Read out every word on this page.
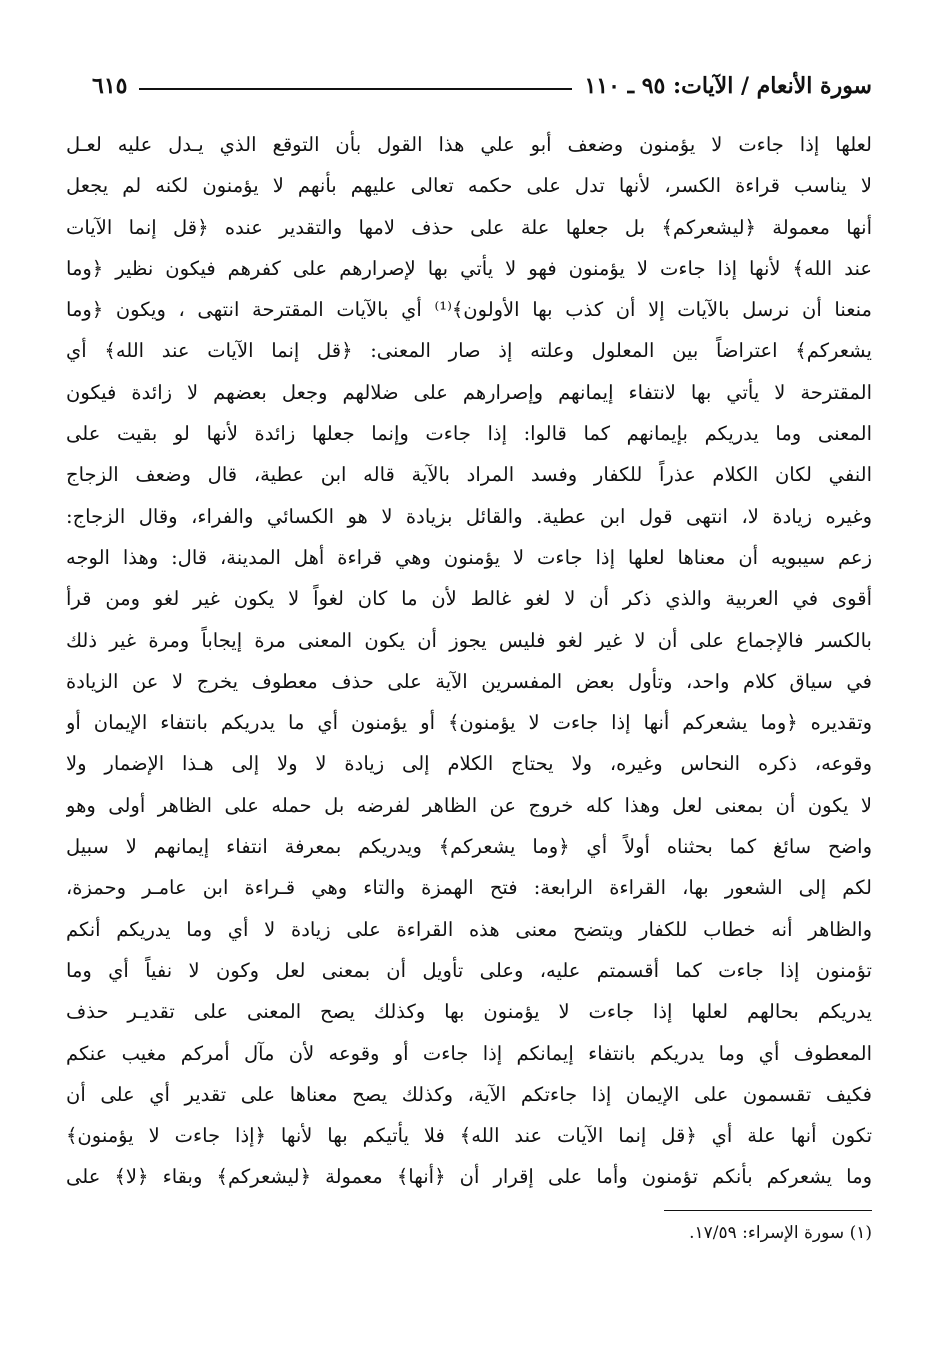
سورة الأنعام / الآيات: ٩٥ ـ ١١٠
٦١٥
لعلها إذا جاءت لا يؤمنون وضعف أبو علي هذا القول بأن التوقع الذي يـدل عليه لعـل
لا يناسب قراءة الكسر، لأنها تدل على حكمه تعالى عليهم بأنهم لا يؤمنون لكنه لم يجعل
أنها معمولة ﴿ليشعركم﴾ بل جعلها علة على حذف لامها والتقدير عنده ﴿قل إنما الآيات
عند الله﴾ لأنها إذا جاءت لا يؤمنون فهو لا يأتي بها لإصرارهم على كفرهم فيكون نظير ﴿وما
منعنا أن نرسل بالآيات إلا أن كذب بها الأولون﴾⁽¹⁾ أي بالآيات المقترحة انتهى ، ويكون ﴿وما
يشعركم﴾ اعتراضاً بين المعلول وعلته إذ صار المعنى: ﴿قل إنما الآيات عند الله﴾ أي
المقترحة لا يأتي بها لانتفاء إيمانهم وإصرارهم على ضلالهم وجعل بعضهم لا زائدة فيكون
المعنى وما يدريكم بإيمانهم كما قالوا: إذا جاءت وإنما جعلها زائدة لأنها لو بقيت على
النفي لكان الكلام عذراً للكفار وفسد المراد بالآية قاله ابن عطية، قال وضعف الزجاج
وغيره زيادة لا، انتهى قول ابن عطية. والقائل بزيادة لا هو الكسائي والفراء، وقال الزجاج:
زعم سيبويه أن معناها لعلها إذا جاءت لا يؤمنون وهي قراءة أهل المدينة، قال: وهذا الوجه
أقوى في العربية والذي ذكر أن لا لغو غالط لأن ما كان لغواً لا يكون غير لغو ومن قرأ
بالكسر فالإجماع على أن لا غير لغو فليس يجوز أن يكون المعنى مرة إيجاباً ومرة غير ذلك
في سياق كلام واحد، وتأول بعض المفسرين الآية على حذف معطوف يخرج لا عن الزيادة
وتقديره ﴿وما يشعركم أنها إذا جاءت لا يؤمنون﴾ أو يؤمنون أي ما يدريكم بانتفاء الإيمان أو
وقوعه، ذكره النحاس وغيره، ولا يحتاج الكلام إلى زيادة لا ولا إلى هـذا الإضمار ولا
لا يكون أن بمعنى لعل وهذا كله خروج عن الظاهر لفرضه بل حمله على الظاهر أولى وهو
واضح سائغ كما بحثناه أولاً أي ﴿وما يشعركم﴾ ويدريكم بمعرفة انتفاء إيمانهم لا سبيل
لكم إلى الشعور بها، القراءة الرابعة: فتح الهمزة والتاء وهي قـراءة ابن عامـر وحمزة،
والظاهر أنه خطاب للكفار ويتضح معنى هذه القراءة على زيادة لا أي وما يدريكم أنكم
تؤمنون إذا جاءت كما أقسمتم عليه، وعلى تأويل أن بمعنى لعل وكون لا نفياً أي وما
يدريكم بحالهم لعلها إذا جاءت لا يؤمنون بها وكذلك يصح المعنى على تقديـر حذف
المعطوف أي وما يدريكم بانتفاء إيمانكم إذا جاءت أو وقوعه لأن مآل أمركم مغيب عنكم
فكيف تقسمون على الإيمان إذا جاءتكم الآية، وكذلك يصح معناها على تقدير أي على أن
تكون أنها علة أي ﴿قل إنما الآيات عند الله﴾ فلا يأتيكم بها لأنها ﴿إذا جاءت لا يؤمنون﴾
وما يشعركم بأنكم تؤمنون وأما على إقرار أن ﴿أنها﴾ معمولة ﴿ليشعركم﴾ وبقاء ﴿لا﴾ على
(١) سورة الإسراء: ١٧/٥٩.
